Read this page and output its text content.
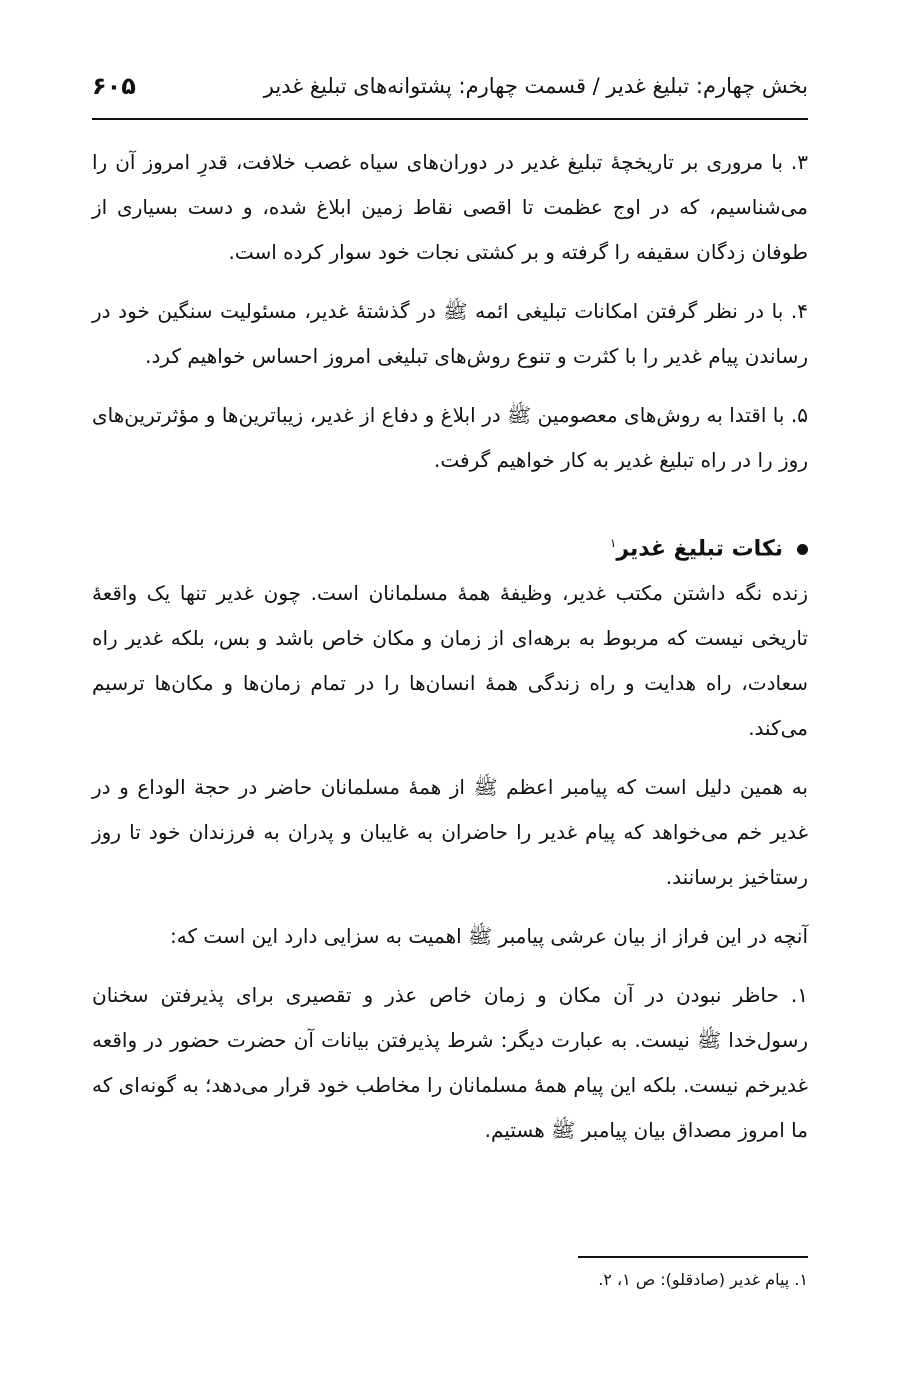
بخش چهارم: تبلیغ غدیر / قسمت چهارم: پشتوانه‌های تبلیغ غدیر
۶۰۵

۳. با مروری بر تاریخچۀ تبلیغ غدیر در دوران‌های سیاه غصب خلافت، قدرِ امروز آن را می‌شناسیم، که در اوج عظمت تا اقصی نقاط زمین ابلاغ شده، و دست بسیاری از طوفان زدگان سقیفه را گرفته و بر کشتی نجات خود سوار کرده است.

۴. با در نظر گرفتن امکانات تبلیغی ائمه ﷺ در گذشتۀ غدیر، مسئولیت سنگین خود در رساندن پیام غدیر را با کثرت و تنوع روش‌های تبلیغی امروز احساس خواهیم کرد.

۵. با اقتدا به روش‌های معصومین ﷺ در ابلاغ و دفاع از غدیر، زیباترین‌ها و مؤثرترین‌های روز را در راه تبلیغ غدیر به کار خواهیم گرفت.

نکات تبلیغ غدیر$^۱$

زنده نگه داشتن مکتب غدیر، وظیفۀ همۀ مسلمانان است. چون غدیر تنها یک واقعۀ تاریخی نیست که مربوط به برهه‌ای از زمان و مکان خاص باشد و بس، بلکه غدیر راه سعادت، راه هدایت و راه زندگی همۀ انسان‌ها را در تمام زمان‌ها و مکان‌ها ترسیم می‌کند.

به همین دلیل است که پیامبر اعظم ﷺ از همۀ مسلمانان حاضر در حجة الوداع و در غدیر خم می‌خواهد که پیام غدیر را حاضران به غایبان و پدران به فرزندان خود تا روز رستاخیز برسانند.

آنچه در این فراز از بیان عرشی پیامبر ﷺ اهمیت به سزایی دارد این است که:

۱. حاظر نبودن در آن مکان و زمان خاص عذر و تقصیری برای پذیرفتن سخنان رسول‌خدا ﷺ نیست. به عبارت دیگر: شرط پذیرفتن بیانات آن حضرت حضور در واقعه غدیرخم نیست. بلکه این پیام همۀ مسلمانان را مخاطب خود قرار می‌دهد؛ به گونه‌ای که ما امروز مصداق بیان پیامبر ﷺ هستیم.

۱. پیام غدیر (صادقلو): ص ۱، ۲.
